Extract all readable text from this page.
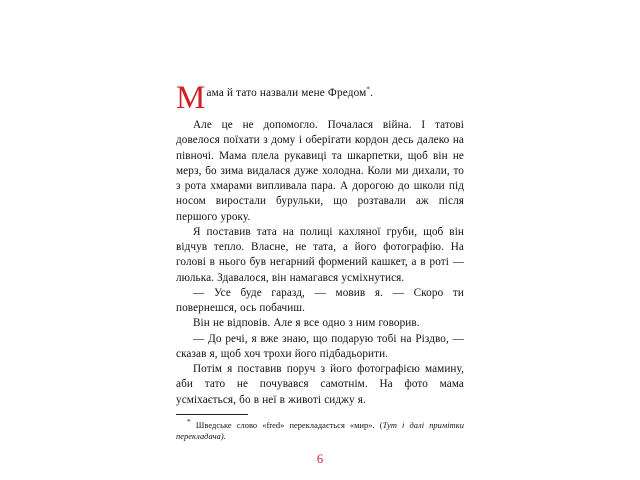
Мама й тато назвали мене Фредом*.

Але це не допомогло. Почалася війна. І татові довелося поїхати з дому і оберігати кордон десь далеко на півночі. Мама плела рукавиці та шкарпетки, щоб він не мерз, бо зима видалася дуже холодна. Коли ми дихали, то з рота хмарами випливала пара. А дорогою до школи під носом виростали бурульки, що розтавали аж після першого уроку.

Я поставив тата на полиці кахляної груби, щоб він відчув тепло. Власне, не тата, а його фотографію. На голові в нього був негарний формений кашкет, а в роті — люлька. Здавалося, він намагався усміхнутися.

— Усе буде гаразд, — мовив я. — Скоро ти повернешся, ось побачиш.

Він не відповів. Але я все одно з ним говорив.

— До речі, я вже знаю, що подарую тобі на Різдво, — сказав я, щоб хоч трохи його підбадьорити.

Потім я поставив поруч з його фотографією мамину, аби тато не почувався самотнім. На фото мама усміхається, бо в неї в животі сиджу я.

* Шведське слово «fred» перекладається «мир». (Тут і далі примітки перекладача).

6
